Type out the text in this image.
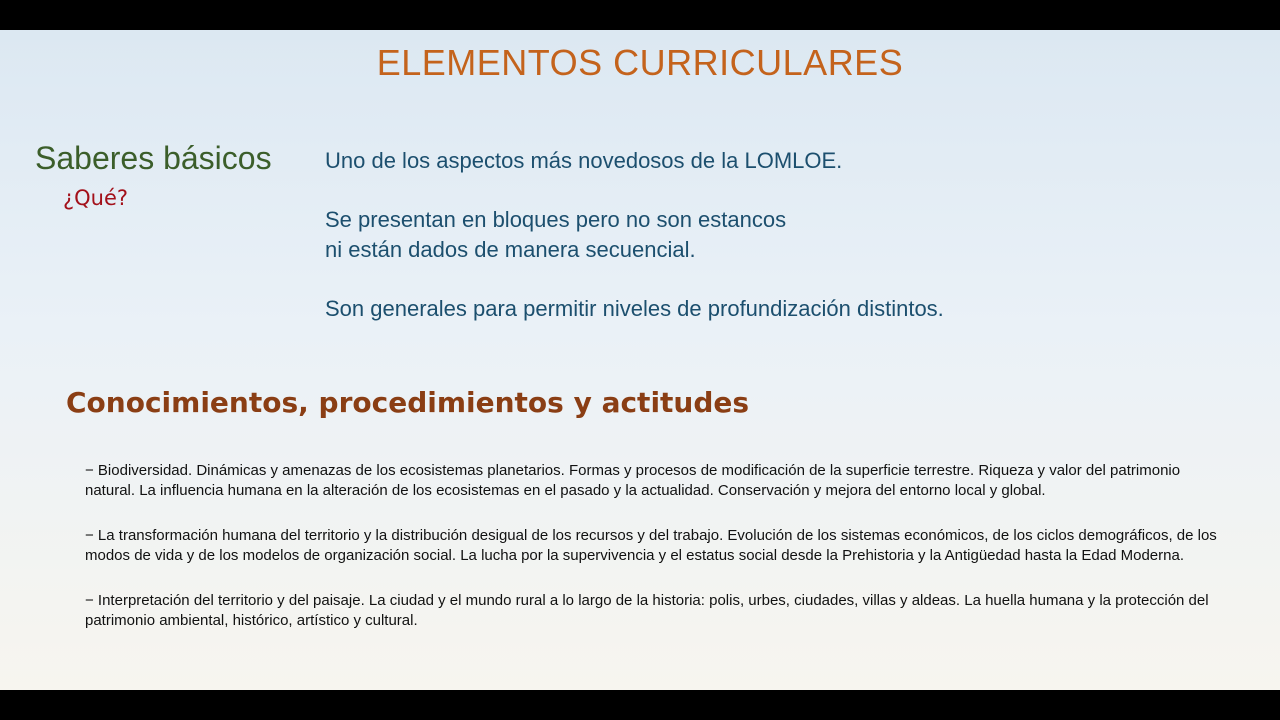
ELEMENTOS CURRICULARES
Saberes básicos
¿Qué?

Uno de los aspectos más novedosos de la LOMLOE.

Se presentan en bloques pero no son estancos
ni están dados de manera secuencial.

Son generales para permitir niveles de profundización distintos.

Conocimientos, procedimientos y actitudes

− Biodiversidad. Dinámicas y amenazas de los ecosistemas planetarios. Formas y procesos de modificación de la superficie terrestre. Riqueza y valor del patrimonio natural. La influencia humana en la alteración de los ecosistemas en el pasado y la actualidad. Conservación y mejora del entorno local y global.

− La transformación humana del territorio y la distribución desigual de los recursos y del trabajo. Evolución de los sistemas económicos, de los ciclos demográficos, de los modos de vida y de los modelos de organización social. La lucha por la supervivencia y el estatus social desde la Prehistoria y la Antigüedad hasta la Edad Moderna.

− Interpretación del territorio y del paisaje. La ciudad y el mundo rural a lo largo de la historia: polis, urbes, ciudades, villas y aldeas. La huella humana y la protección del patrimonio ambiental, histórico, artístico y cultural.
